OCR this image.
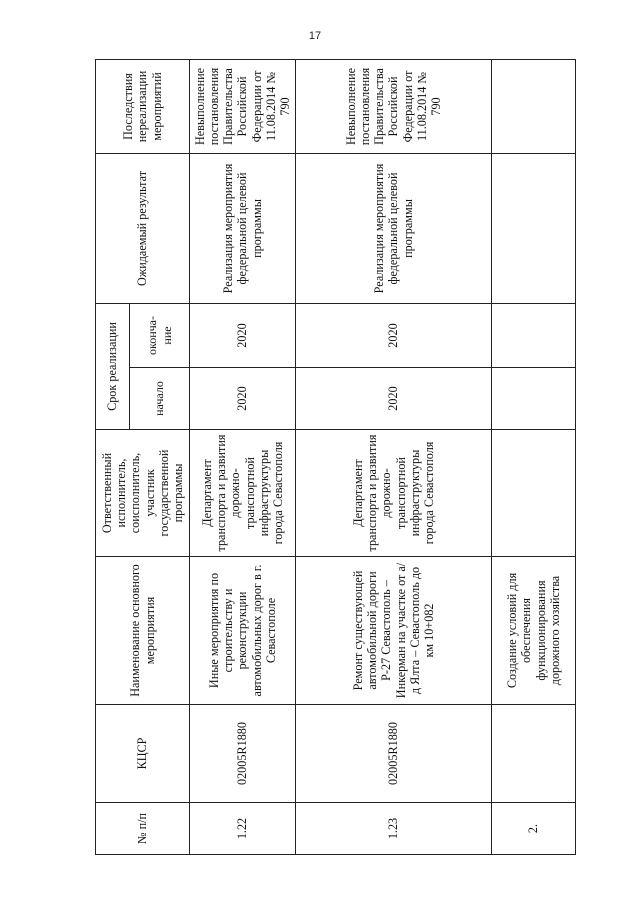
17
№ п/п	КЦСР	Наименование основного мероприятия	Ответственный исполнитель, соисполнитель, участник государственной программы	Срок реализации		Ожидаемый результат	Последствия нереализации мероприятий
				начало	оконча-ние		
1.22	02005R1880	Иные мероприятия по строительству и реконструкции автомобильных дорог в г. Севастополе	Департамент транспорта и развития дорожно-транспортной инфраструктуры города Севастополя	2020	2020	Реализация мероприятия федеральной целевой программы	Невыполнение постановления Правительства Российской Федерации от 11.08.2014 № 790
1.23	02005R1880	Ремонт существующей автомобильной дороги Р-27 Севастополь – Инкерман на участке от а/д Ялта – Севастополь до км 10+082	Департамент транспорта и развития дорожно-транспортной инфраструктуры города Севастополя	2020	2020	Реализация мероприятия федеральной целевой программы	Невыполнение постановления Правительства Российской Федерации от 11.08.2014 № 790
2.		Создание условий для обеспечения функционирования дорожного хозяйства					
